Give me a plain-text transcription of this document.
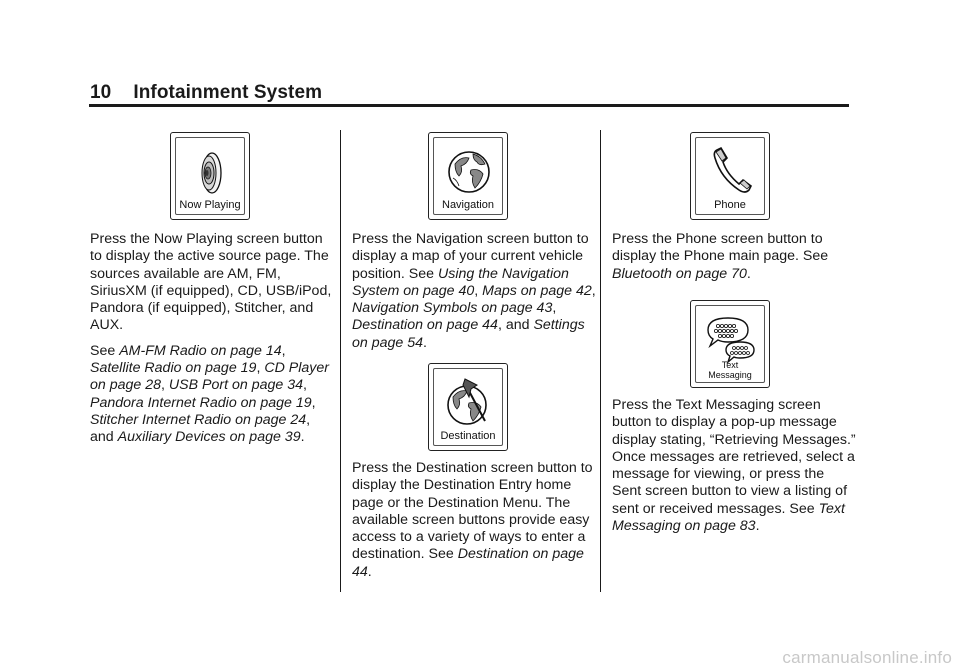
10 Infotainment System
Now Playing	Navigation
Destination
Phone
Text
Messaging

Press the Now Playing screen button to display the active source page. The sources available are AM, FM, SiriusXM (if equipped), CD, USB/iPod, Pandora (if equipped), Stitcher, and AUX.

See AM-FM Radio on page 14, Satellite Radio on page 19, CD Player on page 28, USB Port on page 34, Pandora Internet Radio on page 19, Stitcher Internet Radio on page 24, and Auxiliary Devices on page 39.

Press the Navigation screen button to display a map of your current vehicle position. See Using the Navigation System on page 40, Maps on page 42, Navigation Symbols on page 43, Destination on page 44, and Settings on page 54.

Press the Destination screen button to display the Destination Entry home page or the Destination Menu. The available screen buttons provide easy access to a variety of ways to enter a destination. See Destination on page 44.

Press the Phone screen button to display the Phone main page. See Bluetooth on page 70.

Press the Text Messaging screen button to display a pop-up message display stating, “Retrieving Messages.” Once messages are retrieved, select a message for viewing, or press the Sent screen button to view a listing of sent or received messages. See Text Messaging on page 83.

carmanualsonline.info
